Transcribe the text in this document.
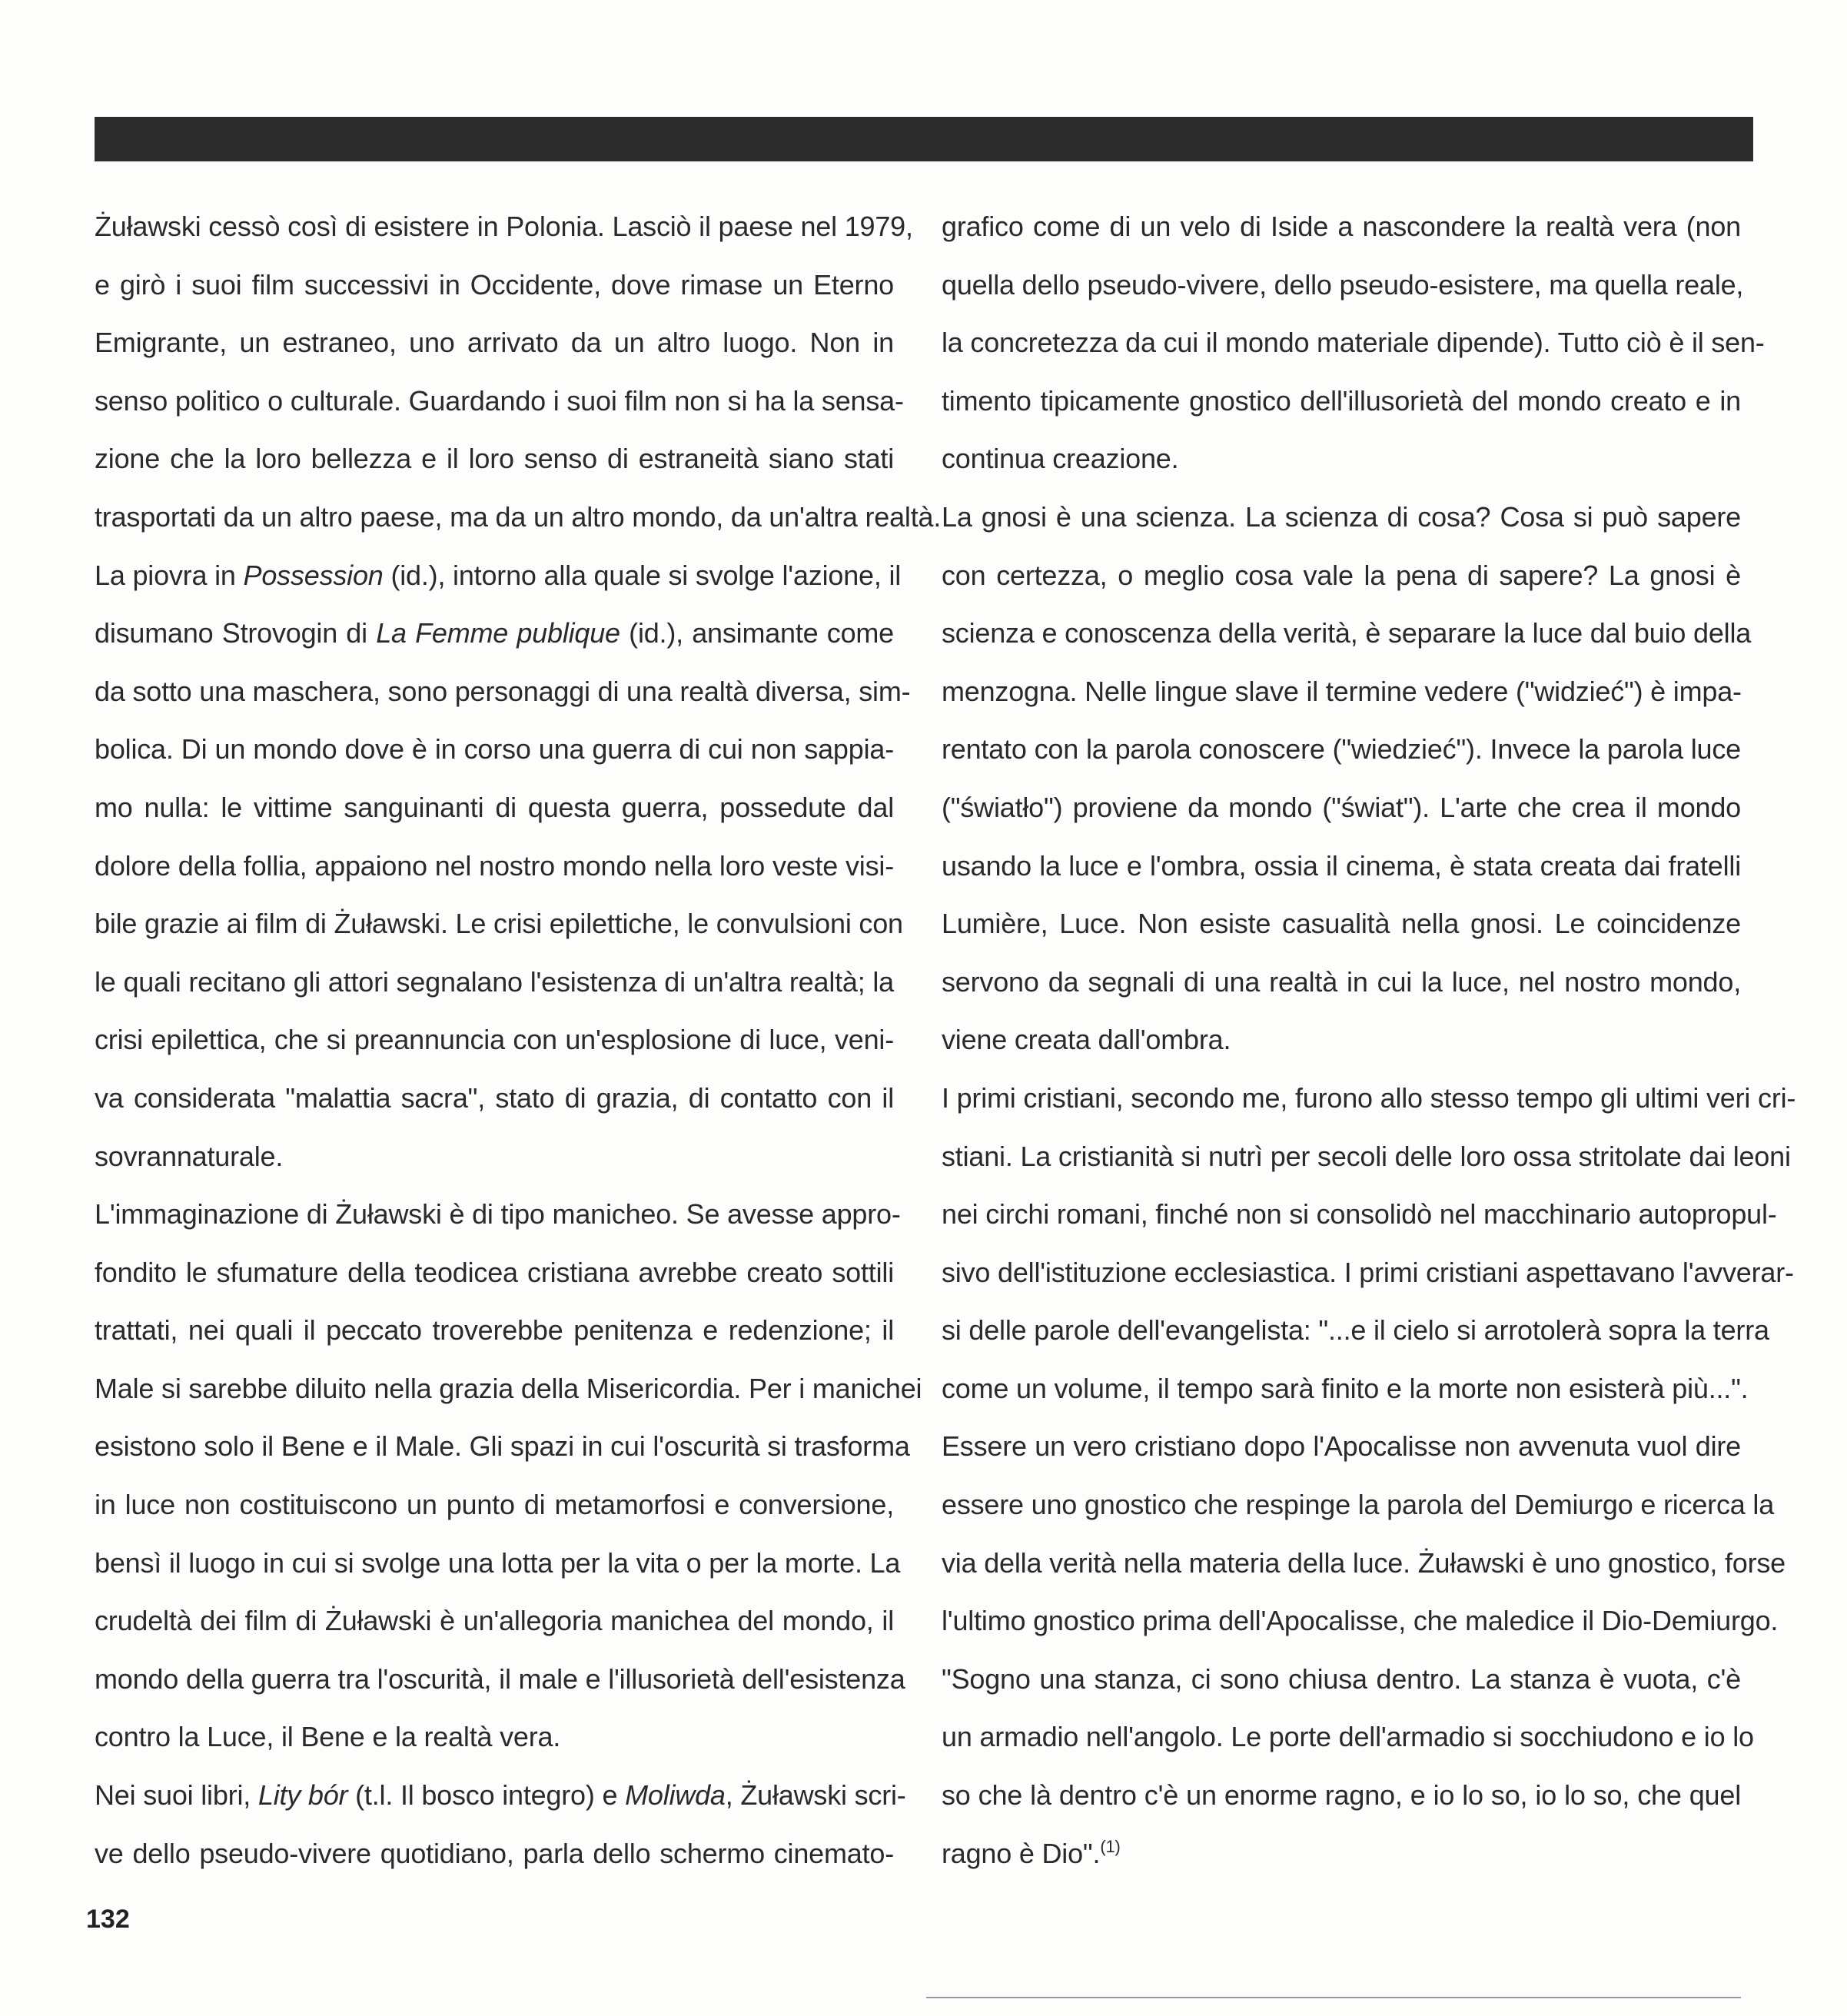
Żuławski cessò così di esistere in Polonia. Lasciò il paese nel 1979,
e girò i suoi film successivi in Occidente, dove rimase un Eterno
Emigrante, un estraneo, uno arrivato da un altro luogo. Non in
senso politico o culturale. Guardando i suoi film non si ha la sensa-
zione che la loro bellezza e il loro senso di estraneità siano stati
trasportati da un altro paese, ma da un altro mondo, da un'altra realtà.
La piovra in Possession (id.), intorno alla quale si svolge l'azione, il
disumano Strovogin di La Femme publique (id.), ansimante come
da sotto una maschera, sono personaggi di una realtà diversa, sim-
bolica. Di un mondo dove è in corso una guerra di cui non sappia-
mo nulla: le vittime sanguinanti di questa guerra, possedute dal
dolore della follia, appaiono nel nostro mondo nella loro veste visi-
bile grazie ai film di Żuławski. Le crisi epilettiche, le convulsioni con
le quali recitano gli attori segnalano l'esistenza di un'altra realtà; la
crisi epilettica, che si preannuncia con un'esplosione di luce, veni-
va considerata "malattia sacra", stato di grazia, di contatto con il
sovrannaturale.
L'immaginazione di Żuławski è di tipo manicheo. Se avesse appro-
fondito le sfumature della teodicea cristiana avrebbe creato sottili
trattati, nei quali il peccato troverebbe penitenza e redenzione; il
Male si sarebbe diluito nella grazia della Misericordia. Per i manichei
esistono solo il Bene e il Male. Gli spazi in cui l'oscurità si trasforma
in luce non costituiscono un punto di metamorfosi e conversione,
bensì il luogo in cui si svolge una lotta per la vita o per la morte. La
crudeltà dei film di Żuławski è un'allegoria manichea del mondo, il
mondo della guerra tra l'oscurità, il male e l'illusorietà dell'esistenza
contro la Luce, il Bene e la realtà vera.
Nei suoi libri, Lity bór (t.l. Il bosco integro) e Moliwda, Żuławski scri-
ve dello pseudo-vivere quotidiano, parla dello schermo cinemato-
grafico come di un velo di Iside a nascondere la realtà vera (non
quella dello pseudo-vivere, dello pseudo-esistere, ma quella reale,
la concretezza da cui il mondo materiale dipende). Tutto ciò è il sen-
timento tipicamente gnostico dell'illusorietà del mondo creato e in
continua creazione.
La gnosi è una scienza. La scienza di cosa? Cosa si può sapere
con certezza, o meglio cosa vale la pena di sapere? La gnosi è
scienza e conoscenza della verità, è separare la luce dal buio della
menzogna. Nelle lingue slave il termine vedere ("widzieć") è impa-
rentato con la parola conoscere ("wiedzieć"). Invece la parola luce
("światło") proviene da mondo ("świat"). L'arte che crea il mondo
usando la luce e l'ombra, ossia il cinema, è stata creata dai fratelli
Lumière, Luce. Non esiste casualità nella gnosi. Le coincidenze
servono da segnali di una realtà in cui la luce, nel nostro mondo,
viene creata dall'ombra.
I primi cristiani, secondo me, furono allo stesso tempo gli ultimi veri cri-
stiani. La cristianità si nutrì per secoli delle loro ossa stritolate dai leoni
nei circhi romani, finché non si consolidò nel macchinario autopropul-
sivo dell'istituzione ecclesiastica. I primi cristiani aspettavano l'avverar-
si delle parole dell'evangelista: "...e il cielo si arrotolerà sopra la terra
come un volume, il tempo sarà finito e la morte non esisterà più...".
Essere un vero cristiano dopo l'Apocalisse non avvenuta vuol dire
essere uno gnostico che respinge la parola del Demiurgo e ricerca la
via della verità nella materia della luce. Żuławski è uno gnostico, forse
l'ultimo gnostico prima dell'Apocalisse, che maledice il Dio-Demiurgo.
"Sogno una stanza, ci sono chiusa dentro. La stanza è vuota, c'è
un armadio nell'angolo. Le porte dell'armadio si socchiudono e io lo
so che là dentro c'è un enorme ragno, e io lo so, io lo so, che quel
ragno è Dio".$^{(1)}$
132
